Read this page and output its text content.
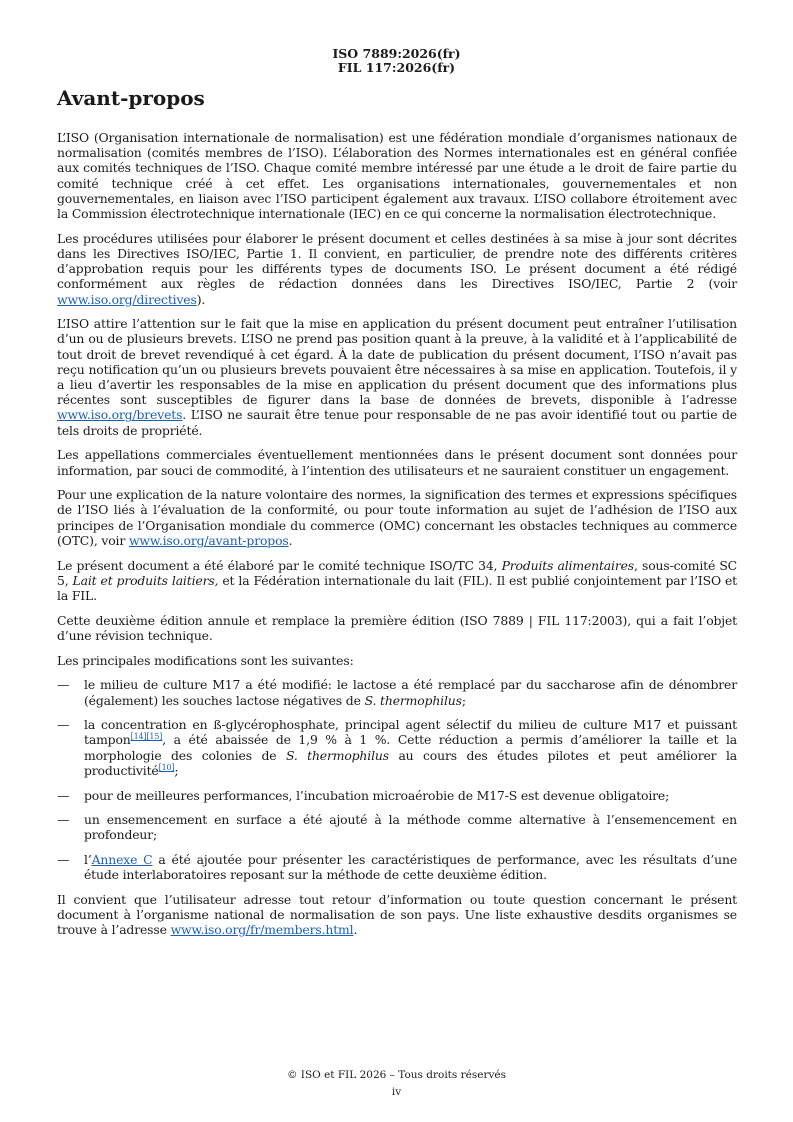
ISO 7889:2026(fr)
FIL 117:2026(fr)
Avant-propos

L’ISO (Organisation internationale de normalisation) est une fédération mondiale d’organismes nationaux de normalisation (comités membres de l’ISO). L’élaboration des Normes internationales est en général confiée aux comités techniques de l’ISO. Chaque comité membre intéressé par une étude a le droit de faire partie du comité technique créé à cet effet. Les organisations internationales, gouvernementales et non gouvernementales, en liaison avec l’ISO participent également aux travaux. L’ISO collabore étroitement avec la Commission électrotechnique internationale (IEC) en ce qui concerne la normalisation électrotechnique.

Les procédures utilisées pour élaborer le présent document et celles destinées à sa mise à jour sont décrites dans les Directives ISO/IEC, Partie 1. Il convient, en particulier, de prendre note des différents critères d’approbation requis pour les différents types de documents ISO. Le présent document a été rédigé conformément aux règles de rédaction données dans les Directives ISO/IEC, Partie 2 (voir www.iso.org/directives).

L’ISO attire l’attention sur le fait que la mise en application du présent document peut entraîner l’utilisation d’un ou de plusieurs brevets. L’ISO ne prend pas position quant à la preuve, à la validité et à l’applicabilité de tout droit de brevet revendiqué à cet égard. À la date de publication du présent document, l’ISO n’avait pas reçu notification qu’un ou plusieurs brevets pouvaient être nécessaires à sa mise en application. Toutefois, il y a lieu d’avertir les responsables de la mise en application du présent document que des informations plus récentes sont susceptibles de figurer dans la base de données de brevets, disponible à l’adresse www.iso.org/brevets. L’ISO ne saurait être tenue pour responsable de ne pas avoir identifié tout ou partie de tels droits de propriété.

Les appellations commerciales éventuellement mentionnées dans le présent document sont données pour information, par souci de commodité, à l’intention des utilisateurs et ne sauraient constituer un engagement.

Pour une explication de la nature volontaire des normes, la signification des termes et expressions spécifiques de l’ISO liés à l’évaluation de la conformité, ou pour toute information au sujet de l’adhésion de l’ISO aux principes de l’Organisation mondiale du commerce (OMC) concernant les obstacles techniques au commerce (OTC), voir www.iso.org/avant-propos.

Le présent document a été élaboré par le comité technique ISO/TC 34, Produits alimentaires, sous-comité SC 5, Lait et produits laitiers, et la Fédération internationale du lait (FIL). Il est publié conjointement par l’ISO et la FIL.

Cette deuxième édition annule et remplace la première édition (ISO 7889 | FIL 117:2003), qui a fait l’objet d’une révision technique.

Les principales modifications sont les suivantes:

— le milieu de culture M17 a été modifié: le lactose a été remplacé par du saccharose afin de dénombrer (également) les souches lactose négatives de S. thermophilus;
— la concentration en ß-glycérophosphate, principal agent sélectif du milieu de culture M17 et puissant tampon[14][15], a été abaissée de 1,9 % à 1 %. Cette réduction a permis d’améliorer la taille et la morphologie des colonies de S. thermophilus au cours des études pilotes et peut améliorer la productivité[10];
— pour de meilleures performances, l’incubation microaérobie de M17-S est devenue obligatoire;
— un ensemencement en surface a été ajouté à la méthode comme alternative à l’ensemencement en profondeur;
— l’Annexe C a été ajoutée pour présenter les caractéristiques de performance, avec les résultats d’une étude interlaboratoires reposant sur la méthode de cette deuxième édition.

Il convient que l’utilisateur adresse tout retour d’information ou toute question concernant le présent document à l’organisme national de normalisation de son pays. Une liste exhaustive desdits organismes se trouve à l’adresse www.iso.org/fr/members.html.

© ISO et FIL 2026 – Tous droits réservés
iv
